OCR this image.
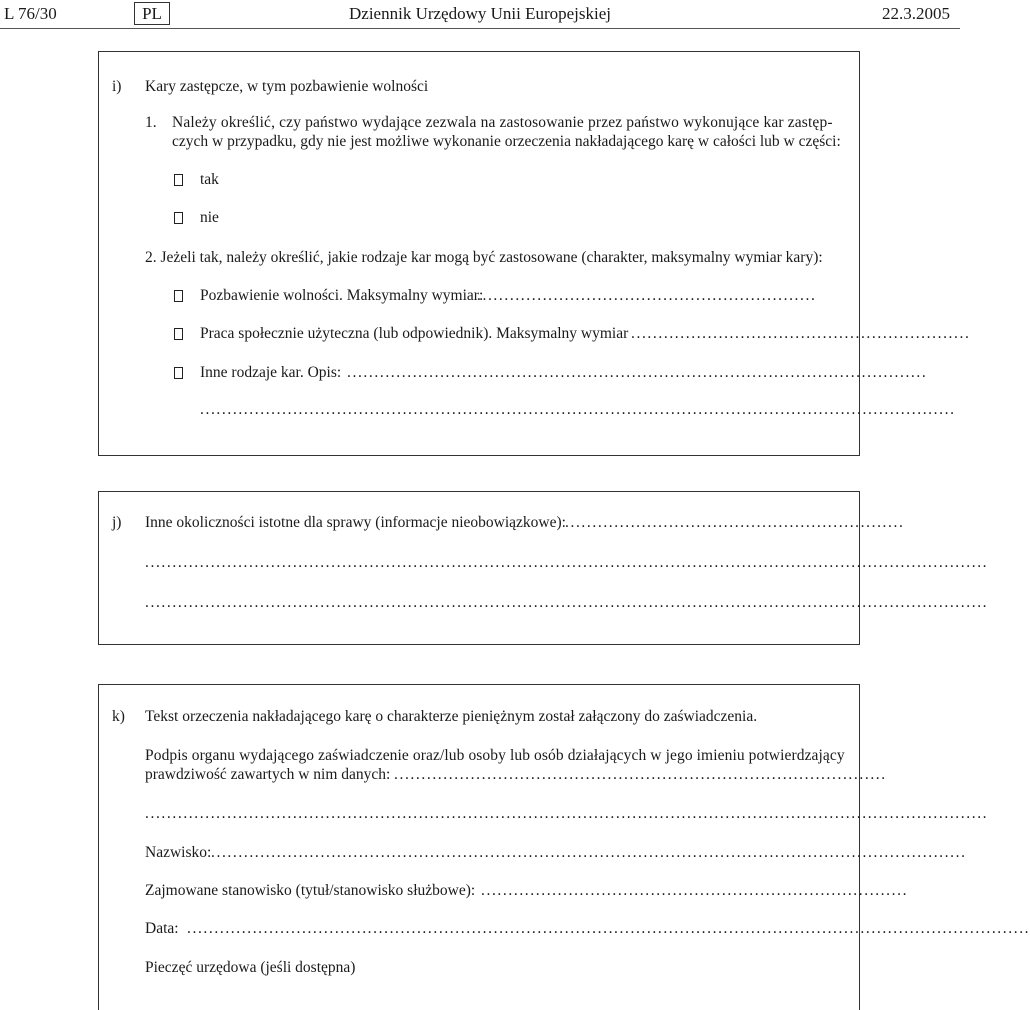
L 76/30	PL	Dziennik Urzędowy Unii Europejskiej	22.3.2005
i) Kary zastępcze, w tym pozbawienie wolności
1. Należy określić, czy państwo wydające zezwala na zastosowanie przez państwo wykonujące kar zastęp-
czych w przypadku, gdy nie jest możliwe wykonanie orzeczenia nakładającego karę w całości lub w części:
tak
nie
2. Jeżeli tak, należy określić, jakie rodzaje kar mogą być zastosowane (charakter, maksymalny wymiar kary):
Pozbawienie wolności. Maksymalny wymiar:
..............................................................
Praca społecznie użyteczna (lub odpowiednik). Maksymalny wymiar ..............................................................
Inne rodzaje kar. Opis: ..........................................................................................................
..........................................................................................................................................
j) Inne okoliczności istotne dla sprawy (informacje nieobowiązkowe): ..............................................................
..........................................................................................................................................................
..........................................................................................................................................................
k) Tekst orzeczenia nakładającego karę o charakterze pieniężnym został załączony do zaświadczenia.
Podpis organu wydającego zaświadczenie oraz/lub osoby lub osób działających w jego imieniu potwierdzający
prawdziwość zawartych w nim danych: ..........................................................................................
..........................................................................................................................................................
Nazwisko: ..........................................................................................................................................
Zajmowane stanowisko (tytuł/stanowisko służbowe): ..............................................................................
Data: ..........................................................................................................................................................
Pieczęć urzędowa (jeśli dostępna)
